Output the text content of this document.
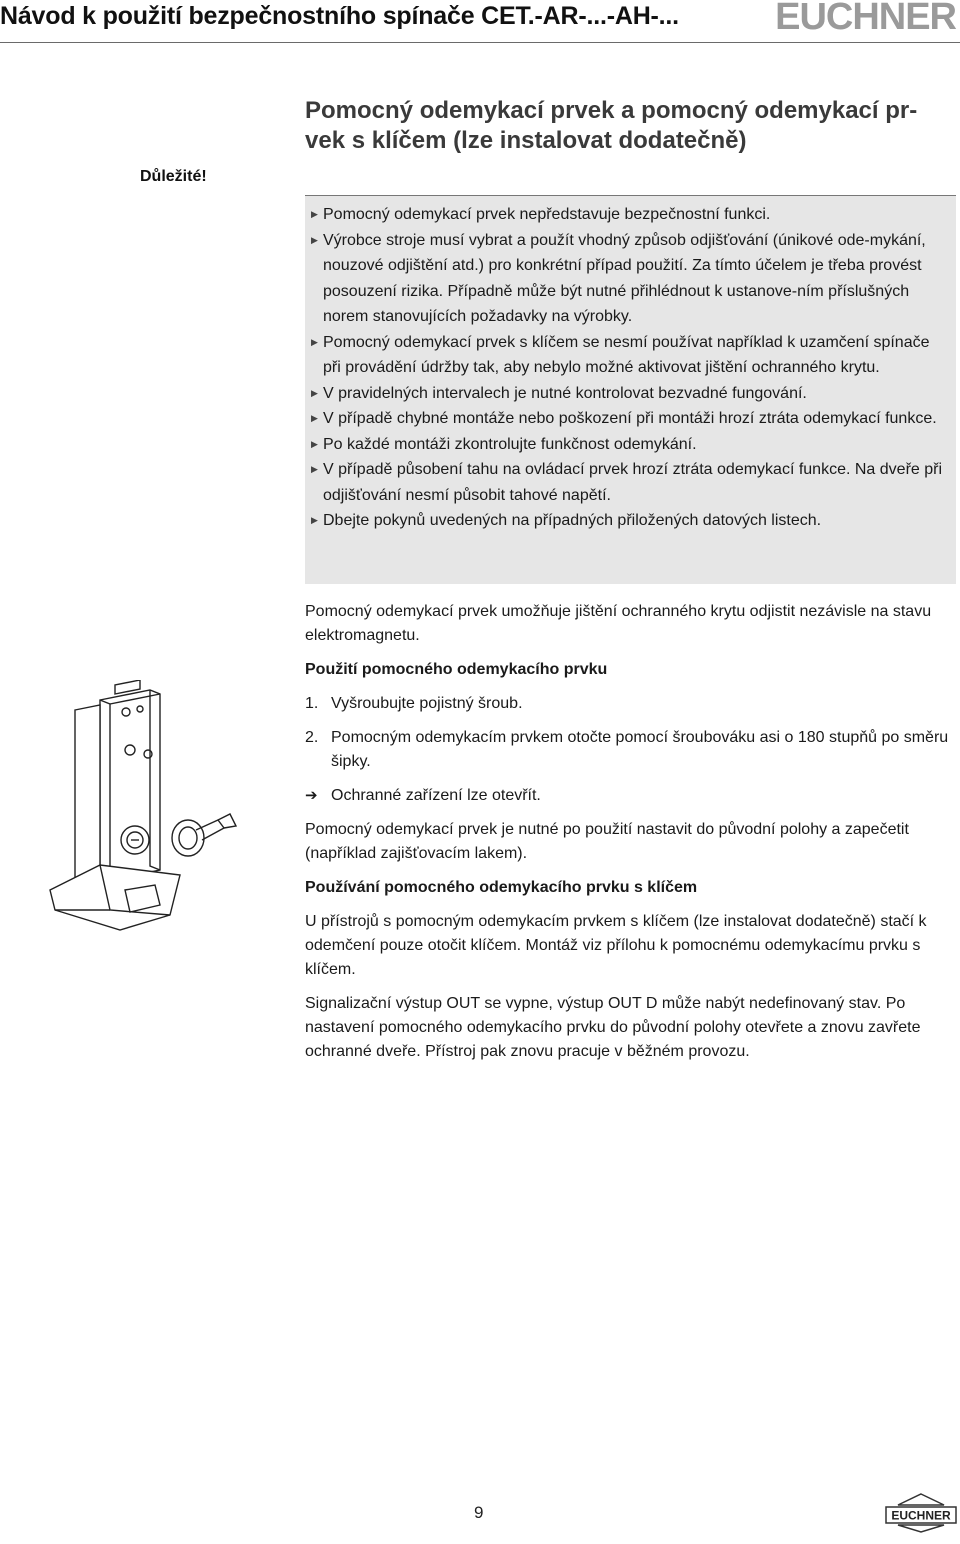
Návod k použití bezpečnostního spínače CET.-AR-...-AH-...	EUCHNER
Pomocný odemykací prvek a pomocný odemykací pr-
vek s klíčem (lze instalovat dodatečně)
Důležité!
▶ Pomocný odemykací prvek nepředstavuje bezpečnostní funkci.
▶ Výrobce stroje musí vybrat a použít vhodný způsob odjišťování (únikové ode-mykání, nouzové odjištění atd.) pro konkrétní případ použití. Za tímto účelem je třeba provést posouzení rizika. Případně může být nutné přihlédnout k ustanove-ním příslušných norem stanovujících požadavky na výrobky.
▶ Pomocný odemykací prvek s klíčem se nesmí používat například k uzamčení spínače při provádění údržby tak, aby nebylo možné aktivovat jištění ochranného krytu.
▶ V pravidelných intervalech je nutné kontrolovat bezvadné fungování.
▶ V případě chybné montáže nebo poškození při montáži hrozí ztráta odemykací funkce.
▶ Po každé montáži zkontrolujte funkčnost odemykání.
▶ V případě působení tahu na ovládací prvek hrozí ztráta odemykací funkce. Na dveře při odjišťování nesmí působit tahové napětí.
▶ Dbejte pokynů uvedených na případných přiložených datových listech.

Pomocný odemykací prvek umožňuje jištění ochranného krytu odjistit nezávisle na stavu elektromagnetu.

Použití pomocného odemykacího prvku

1. Vyšroubujte pojistný šroub.
2. Pomocným odemykacím prvkem otočte pomocí šroubováku asi o 180 stupňů po směru šipky.
➔ Ochranné zařízení lze otevřít.

Pomocný odemykací prvek je nutné po použití nastavit do původní polohy a zapečetit (například zajišťovacím lakem).

Používání pomocného odemykacího prvku s klíčem

U přístrojů s pomocným odemykacím prvkem s klíčem (lze instalovat dodatečně) stačí k odemčení pouze otočit klíčem. Montáž viz přílohu k pomocnému odemykacímu prvku s klíčem.

Signalizační výstup OUT se vypne, výstup OUT D může nabýt nedefinovaný stav. Po nastavení pomocného odemykacího prvku do původní polohy otevřete a znovu zavřete ochranné dveře. Přístroj pak znovu pracuje v běžném provozu.

9	EUCHNER
